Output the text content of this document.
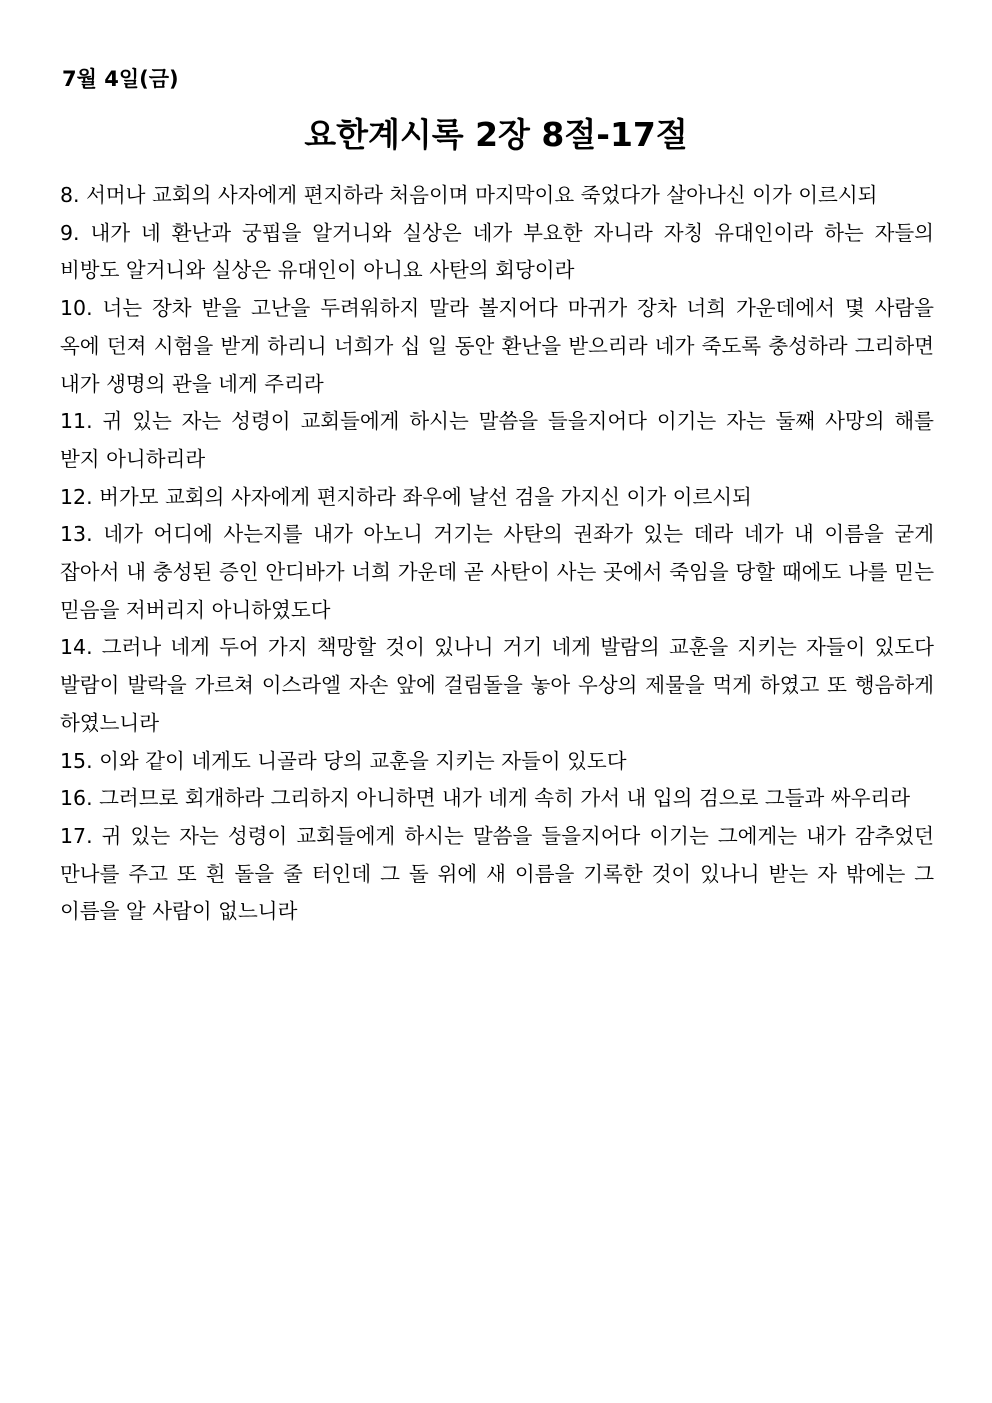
7월 4일(금)
요한계시록 2장 8절-17절

8. 서머나 교회의 사자에게 편지하라 처음이며 마지막이요 죽었다가 살아나신 이가 이르시되

9. 내가 네 환난과 궁핍을 알거니와 실상은 네가 부요한 자니라 자칭 유대인이라 하는 자들의 비방도 알거니와 실상은 유대인이 아니요 사탄의 회당이라

10. 너는 장차 받을 고난을 두려워하지 말라 볼지어다 마귀가 장차 너희 가운데에서 몇 사람을 옥에 던져 시험을 받게 하리니 너희가 십 일 동안 환난을 받으리라 네가 죽도록 충성하라 그리하면 내가 생명의 관을 네게 주리라

11. 귀 있는 자는 성령이 교회들에게 하시는 말씀을 들을지어다 이기는 자는 둘째 사망의 해를 받지 아니하리라

12. 버가모 교회의 사자에게 편지하라 좌우에 날선 검을 가지신 이가 이르시되

13. 네가 어디에 사는지를 내가 아노니 거기는 사탄의 권좌가 있는 데라 네가 내 이름을 굳게 잡아서 내 충성된 증인 안디바가 너희 가운데 곧 사탄이 사는 곳에서 죽임을 당할 때에도 나를 믿는 믿음을 저버리지 아니하였도다

14. 그러나 네게 두어 가지 책망할 것이 있나니 거기 네게 발람의 교훈을 지키는 자들이 있도다 발람이 발락을 가르쳐 이스라엘 자손 앞에 걸림돌을 놓아 우상의 제물을 먹게 하였고 또 행음하게 하였느니라

15. 이와 같이 네게도 니골라 당의 교훈을 지키는 자들이 있도다

16. 그러므로 회개하라 그리하지 아니하면 내가 네게 속히 가서 내 입의 검으로 그들과 싸우리라

17. 귀 있는 자는 성령이 교회들에게 하시는 말씀을 들을지어다 이기는 그에게는 내가 감추었던 만나를 주고 또 흰 돌을 줄 터인데 그 돌 위에 새 이름을 기록한 것이 있나니 받는 자 밖에는 그 이름을 알 사람이 없느니라
